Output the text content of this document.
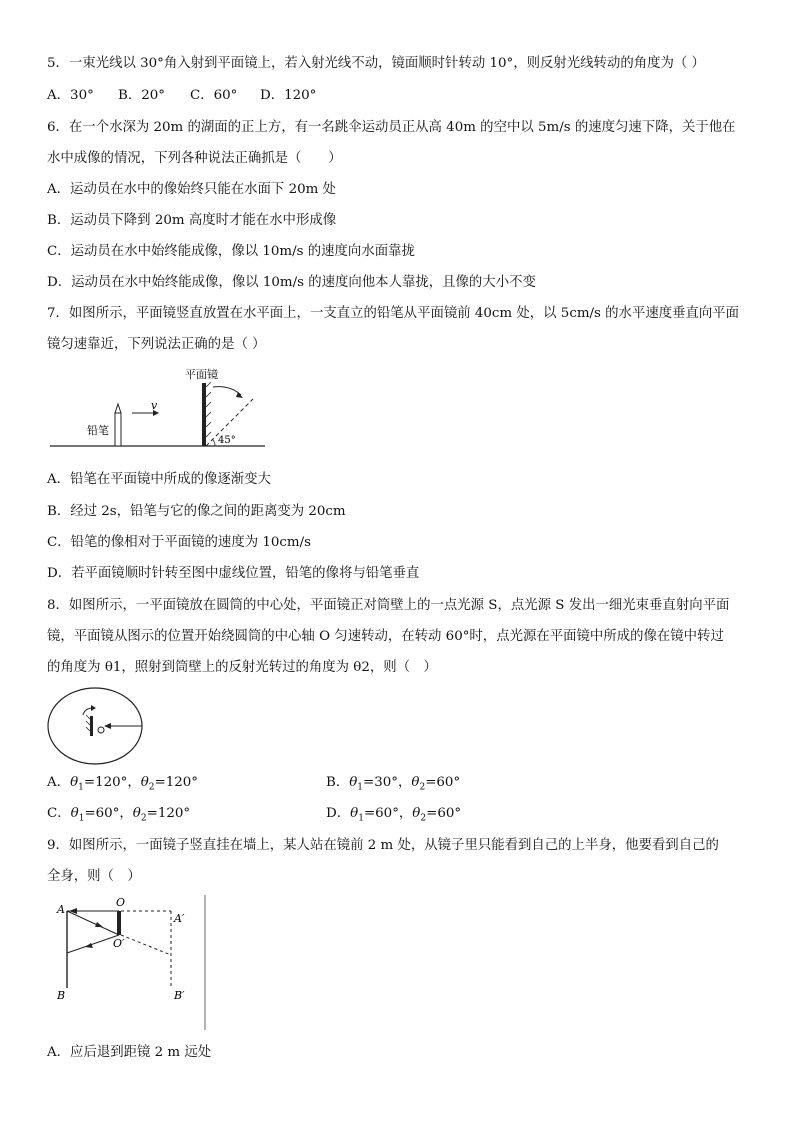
5．一束光线以 30°角入射到平面镜上，若入射光线不动，镜面顺时针转动 10°，则反射光线转动的角度为（ ）
A．30° B．20° C．60° D．120°
6．在一个水深为 20m 的湖面的正上方，有一名跳伞运动员正从高 40m 的空中以 5m/s 的速度匀速下降，关于他在
水中成像的情况，下列各种说法正确抓是（　　）
A．运动员在水中的像始终只能在水面下 20m 处
B．运动员下降到 20m 高度时才能在水中形成像
C．运动员在水中始终能成像，像以 10m/s 的速度向水面靠拢
D．运动员在水中始终能成像，像以 10m/s 的速度向他本人靠拢，且像的大小不变
7．如图所示，平面镜竖直放置在水平面上，一支直立的铅笔从平面镜前 40cm 处，以 5cm/s 的水平速度垂直向平面
镜匀速靠近，下列说法正确的是（ ）
铅笔
v
平面镜
45°
A．铅笔在平面镜中所成的像逐渐变大
B．经过 2s，铅笔与它的像之间的距离变为 20cm
C．铅笔的像相对于平面镜的速度为 10cm/s
D．若平面镜顺时针转至图中虚线位置，铅笔的像将与铅笔垂直
8．如图所示，一平面镜放在圆筒的中心处，平面镜正对筒壁上的一点光源 S，点光源 S 发出一细光束垂直射向平面
镜，平面镜从图示的位置开始绕圆筒的中心轴 O 匀速转动，在转动 60°时，点光源在平面镜中所成的像在镜中转过
的角度为 θ1，照射到筒壁上的反射光转过的角度为 θ2，则（　）
A．$\theta_1=120^\circ$，$\theta_2=120^\circ$	B．$\theta_1=30^\circ$，$\theta_2=60^\circ$
C．$\theta_1=60^\circ$，$\theta_2=120^\circ$	D．$\theta_1=60^\circ$，$\theta_2=60^\circ$
9．如图所示，一面镜子竖直挂在墙上，某人站在镜前 2 m 处，从镜子里只能看到自己的上半身，他要看到自己的
全身，则（　）
A
B
O
O′
A′
B′
A．应后退到距镜 2 m 远处
